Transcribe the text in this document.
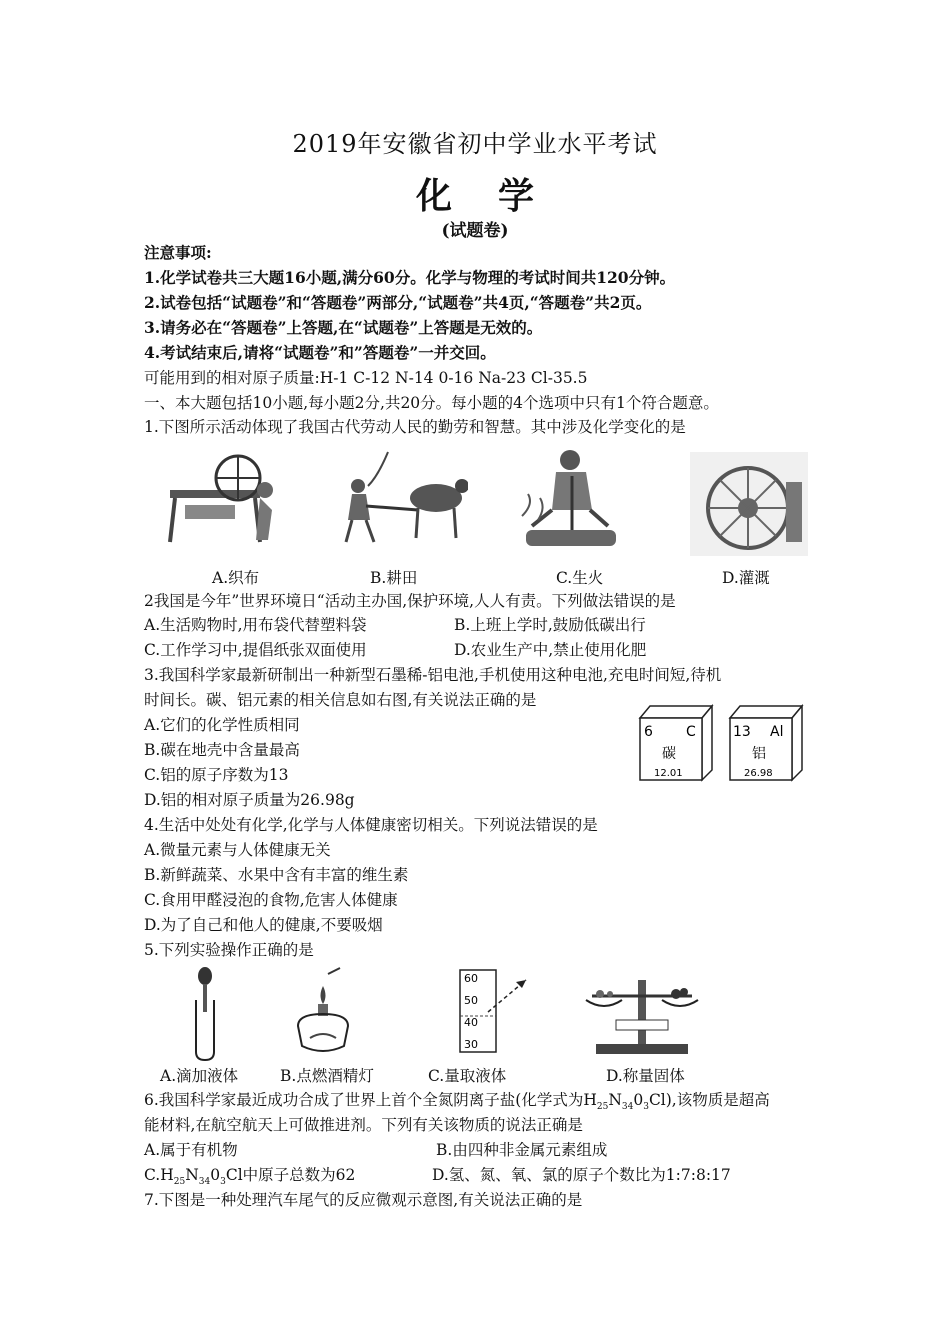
2019年安徽省初中学业水平考试
化学
(试题卷)
注意事项:
1.化学试卷共三大题16小题,满分60分。化学与物理的考试时间共120分钟。
2.试卷包括“试题卷”和“答题卷”两部分,“试题卷”共4页,“答题卷”共2页。
3.请务必在“答题卷”上答题,在“试题卷”上答题是无效的。
4.考试结束后,请将“试题卷”和”答题卷”一并交回。
可能用到的相对原子质量:H-1 C-12 N-14 0-16 Na-23 Cl-35.5
一、本大题包括10小题,每小题2分,共20分。每小题的4个选项中只有1个符合题意。
1.下图所示活动体现了我国古代劳动人民的勤劳和智慧。其中涉及化学变化的是
A.织布	B.耕田	C.生火	D.灌溉
2我国是今年”世界环境日“活动主办国,保护环境,人人有责。下列做法错误的是
A.生活购物时,用布袋代替塑料袋	B.上班上学时,鼓励低碳出行
C.工作学习中,提倡纸张双面使用	D.农业生产中,禁止使用化肥
3.我国科学家最新研制出一种新型石墨稀-铝电池,手机使用这种电池,充电时间短,待机
时间长。碳、铝元素的相关信息如右图,有关说法正确的是
A.它们的化学性质相同
B.碳在地壳中含量最高
C.铝的原子序数为13
D.铝的相对原子质量为26.98g
6 C
碳
12.01
13 Al
铝
26.98
4.生活中处处有化学,化学与人体健康密切相关。下列说法错误的是
A.微量元素与人体健康无关
B.新鲜蔬菜、水果中含有丰富的维生素
C.食用甲醛浸泡的食物,危害人体健康
D.为了自己和他人的健康,不要吸烟
5.下列实验操作正确的是
60
50
40
30
A.滴加液体	B.点燃酒精灯	C.量取液体	D.称量固体
6.我国科学家最近成功合成了世界上首个全氮阴离子盐(化学式为$H_{25}N_{34}0_3Cl$),该物质是超高
能材料,在航空航天上可做推进剂。下列有关该物质的说法正确是
A.属于有机物	B.由四种非金属元素组成
$C.H_{25}N_{34}0_3Cl$中原子总数为62	D.氢、氮、氧、氯的原子个数比为1:7:8:17
7.下图是一种处理汽车尾气的反应微观示意图,有关说法正确的是
